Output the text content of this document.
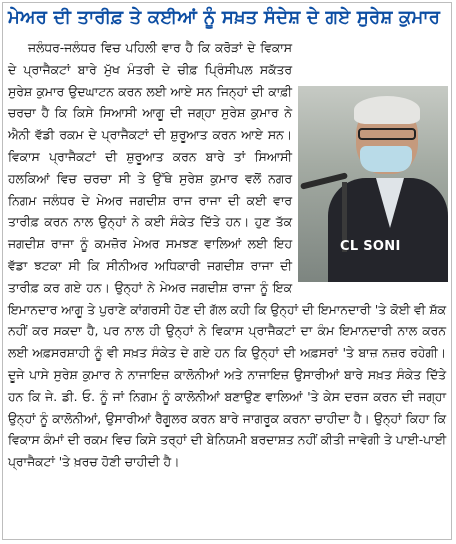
ਮੇਅਰ ਦੀ ਤਾਰੀਫ਼ ਤੇ ਕਈਆਂ ਨੂੰ ਸਖ਼ਤ ਸੰਦੇਸ਼ ਦੇ ਗਏ ਸੁਰੇਸ਼ ਕੁਮਾਰ
CL SONI

ਜਲੰਧਰ-ਜਲੰਧਰ ਵਿਚ ਪਹਿਲੀ ਵਾਰ ਹੈ ਕਿ ਕਰੋੜਾਂ ਦੇ ਵਿਕਾਸ ਦੇ ਪ੍ਰਾਜੈਕਟਾਂ ਬਾਰੇ ਮੁੱਖ ਮੰਤਰੀ ਦੇ ਚੀਫ਼ ਪ੍ਰਿੰਸੀਪਲ ਸਕੱਤਰ ਸੁਰੇਸ਼ ਕੁਮਾਰ ਉਦਘਾਟਨ ਕਰਨ ਲਈ ਆਏ ਸਨ ਜਿਨ੍ਹਾਂ ਦੀ ਕਾਫ਼ੀ ਚਰਚਾ ਹੈ ਕਿ ਕਿਸੇ ਸਿਆਸੀ ਆਗੂ ਦੀ ਜਗ੍ਹਾ ਸੁਰੇਸ਼ ਕੁਮਾਰ ਨੇ ਐਨੀ ਵੱਡੀ ਰਕਮ ਦੇ ਪ੍ਰਾਜੈਕਟਾਂ ਦੀ ਸ਼ੁਰੂਆਤ ਕਰਨ ਆਏ ਸਨ। ਵਿਕਾਸ ਪ੍ਰਾਜੈਕਟਾਂ ਦੀ ਸ਼ੁਰੂਆਤ ਕਰਨ ਬਾਰੇ ਤਾਂ ਸਿਆਸੀ ਹਲਕਿਆਂ ਵਿਚ ਚਰਚਾ ਸੀ ਤੇ ਉੱਥੇ ਸੁਰੇਸ਼ ਕੁਮਾਰ ਵਲੋਂ ਨਗਰ ਨਿਗਮ ਜਲੰਧਰ ਦੇ ਮੇਅਰ ਜਗਦੀਸ਼ ਰਾਜ ਰਾਜਾ ਦੀ ਕਈ ਵਾਰ ਤਾਰੀਫ਼ ਕਰਨ ਨਾਲ ਉਨ੍ਹਾਂ ਨੇ ਕਈ ਸੰਕੇਤ ਦਿੱਤੇ ਹਨ। ਹੁਣ ਤੱਕ ਜਗਦੀਸ਼ ਰਾਜਾ ਨੂੰ ਕਮਜ਼ੋਰ ਮੇਅਰ ਸਮਝਣ ਵਾਲਿਆਂ ਲਈ ਇਹ ਵੱਡਾ ਝਟਕਾ ਸੀ ਕਿ ਸੀਨੀਅਰ ਅਧਿਕਾਰੀ ਜਗਦੀਸ਼ ਰਾਜਾ ਦੀ ਤਾਰੀਫ਼ ਕਰ ਗਏ ਹਨ। ਉਨ੍ਹਾਂ ਨੇ ਮੇਅਰ ਜਗਦੀਸ਼ ਰਾਜਾ ਨੂੰ ਇਕ ਇਮਾਨਦਾਰ ਆਗੂ ਤੇ ਪੁਰਾਣੇ ਕਾਂਗਰਸੀ ਹੋਣ ਦੀ ਗੱਲ ਕਹੀ ਕਿ ਉਨ੍ਹਾਂ ਦੀ ਇਮਾਨਦਾਰੀ 'ਤੇ ਕੋਈ ਵੀ ਸ਼ੱਕ ਨਹੀਂ ਕਰ ਸਕਦਾ ਹੈ, ਪਰ ਨਾਲ ਹੀ ਉਨ੍ਹਾਂ ਨੇ ਵਿਕਾਸ ਪ੍ਰਾਜੈਕਟਾਂ ਦਾ ਕੰਮ ਇਮਾਨਦਾਰੀ ਨਾਲ ਕਰਨ ਲਈ ਅਫ਼ਸਰਸ਼ਾਹੀ ਨੂੰ ਵੀ ਸਖ਼ਤ ਸੰਕੇਤ ਦੇ ਗਏ ਹਨ ਕਿ ਉਨ੍ਹਾਂ ਦੀ ਅਫ਼ਸਰਾਂ 'ਤੇ ਬਾਜ਼ ਨਜ਼ਰ ਰਹੇਗੀ। ਦੂਜੇ ਪਾਸੇ ਸੁਰੇਸ਼ ਕੁਮਾਰ ਨੇ ਨਾਜਾਇਜ਼ ਕਾਲੋਨੀਆਂ ਅਤੇ ਨਾਜਾਇਜ਼ ਉਸਾਰੀਆਂ ਬਾਰੇ ਸਖ਼ਤ ਸੰਕੇਤ ਦਿੱਤੇ ਹਨ ਕਿ ਜੇ. ਡੀ. ਓ. ਨੂੰ ਜਾਂ ਨਿਗਮ ਨੂੰ ਕਾਲੋਨੀਆਂ ਬਣਾਉਣ ਵਾਲਿਆਂ 'ਤੇ ਕੇਸ ਦਰਜ ਕਰਨ ਦੀ ਜਗ੍ਹਾ ਉਨ੍ਹਾਂ ਨੂੰ ਕਾਲੋਨੀਆਂ, ਉਸਾਰੀਆਂ ਰੈਗੂਲਰ ਕਰਨ ਬਾਰੇ ਜਾਗਰੂਕ ਕਰਨਾ ਚਾਹੀਦਾ ਹੈ। ਉਨ੍ਹਾਂ ਕਿਹਾ ਕਿ ਵਿਕਾਸ ਕੰਮਾਂ ਦੀ ਰਕਮ ਵਿਚ ਕਿਸੇ ਤਰ੍ਹਾਂ ਦੀ ਬੇਨਿਯਮੀ ਬਰਦਾਸ਼ਤ ਨਹੀਂ ਕੀਤੀ ਜਾਵੇਗੀ ਤੇ ਪਾਈ-ਪਾਈ ਪ੍ਰਾਜੈਕਟਾਂ 'ਤੇ ਖ਼ਰਚ ਹੋਣੀ ਚਾਹੀਦੀ ਹੈ।
